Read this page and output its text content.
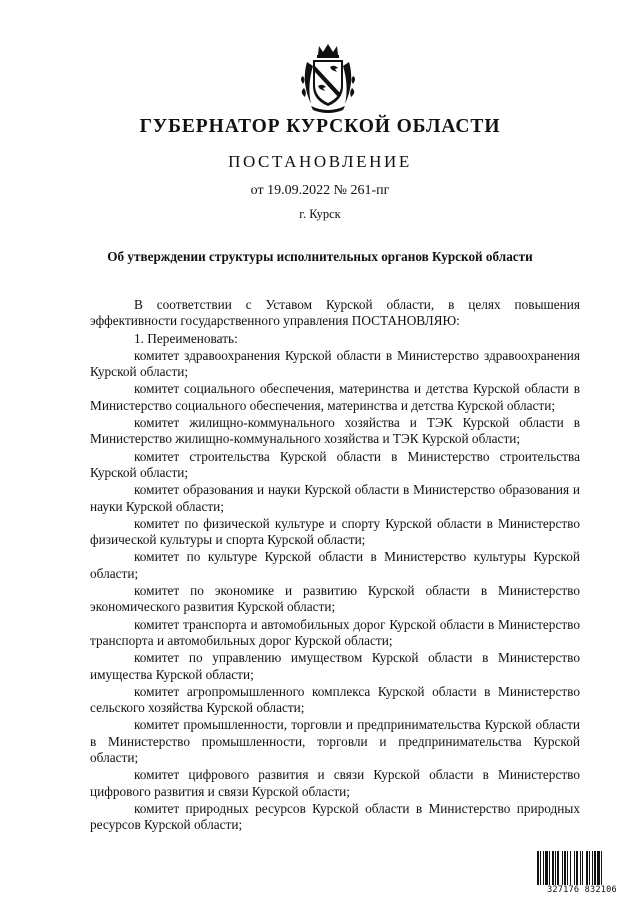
ГУБЕРНАТОР КУРСКОЙ ОБЛАСТИ
ПОСТАНОВЛЕНИЕ
от 19.09.2022 № 261-пг
г. Курск
Об утверждении структуры исполнительных органов Курской области

В соответствии с Уставом Курской области, в целях повышения эффективности государственного управления ПОСТАНОВЛЯЮ:

1. Переименовать:

комитет здравоохранения Курской области в Министерство здравоохранения Курской области;

комитет социального обеспечения, материнства и детства Курской области в Министерство социального обеспечения, материнства и детства Курской области;

комитет жилищно-коммунального хозяйства и ТЭК Курской области в Министерство жилищно-коммунального хозяйства и ТЭК Курской области;

комитет строительства Курской области в Министерство строительства Курской области;

комитет образования и науки Курской области в Министерство образования и науки Курской области;

комитет по физической культуре и спорту Курской области в Министерство физической культуры и спорта Курской области;

комитет по культуре Курской области в Министерство культуры Курской области;

комитет по экономике и развитию Курской области в Министерство экономического развития Курской области;

комитет транспорта и автомобильных дорог Курской области в Министерство транспорта и автомобильных дорог Курской области;

комитет по управлению имуществом Курской области в Министерство имущества Курской области;

комитет агропромышленного комплекса Курской области в Министерство сельского хозяйства Курской области;

комитет промышленности, торговли и предпринимательства Курской области в Министерство промышленности, торговли и предпринимательства Курской области;

комитет цифрового развития и связи Курской области в Министерство цифрового развития и связи Курской области;

комитет природных ресурсов Курской области в Министерство природных ресурсов Курской области;

327176 832106
